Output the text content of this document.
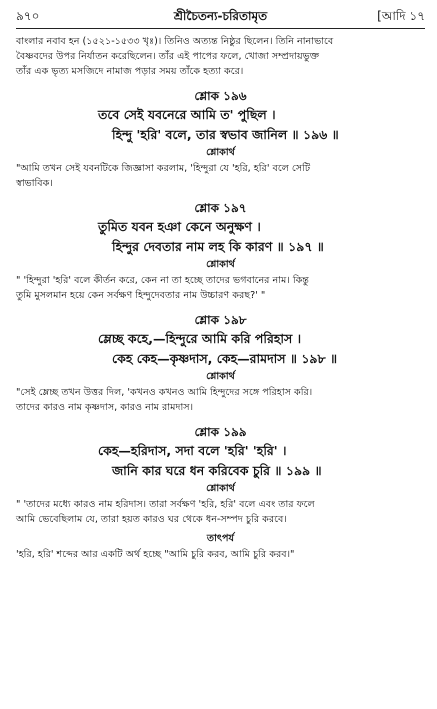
৯৭০	শ্রীচৈতন্য-চরিতামৃত	[আদি ১৭

বাংলার নবাব হন (১৫২১-১৫৩৩ খৃঃ)। তিনিও অত্যন্ত নিষ্ঠুর ছিলেন। তিনি নানাভাবে

বৈষ্ণবদের উপর নির্যাতন করেছিলেন। তাঁর এই পাপের ফলে, খোজা সম্প্রদায়ভুক্ত

তাঁর এক ভৃত্য মসজিদে নামাজ পড়ার সময় তাঁকে হত্যা করে।

শ্লোক ১৯৬

তবে সেই যবনেরে আমি ত' পুছিল ।

হিন্দু 'হরি' বলে, তার স্বভাব জানিল ॥ ১৯৬ ॥

শ্লোকার্থ

"আমি তখন সেই যবনটিকে জিজ্ঞাসা করলাম, 'হিন্দুরা যে 'হরি, হরি' বলে সেটি

স্বাভাবিক।

শ্লোক ১৯৭

তুমিত যবন হঞা কেনে অনুক্ষণ ।

হিন্দুর দেবতার নাম লহ কি কারণ ॥ ১৯৭ ॥

শ্লোকার্থ

" 'হিন্দুরা 'হরি' বলে কীর্তন করে, কেন না তা হচ্ছে তাদের ভগবানের নাম। কিন্তু

তুমি মুসলমান হয়ে কেন সর্বক্ষণ হিন্দুদেবতার নাম উচ্চারণ করছ?' "

শ্লোক ১৯৮

ম্লেচ্ছ কহে,—হিন্দুরে আমি করি পরিহাস ।

কেহ কেহ—কৃষ্ণদাস, কেহ—রামদাস ॥ ১৯৮ ॥

শ্লোকার্থ

"সেই ম্লেচ্ছ তখন উত্তর দিল, 'কখনও কখনও আমি হিন্দুদের সঙ্গে পরিহাস করি।

তাদের কারও নাম কৃষ্ণদাস, কারও নাম রামদাস।

শ্লোক ১৯৯

কেহ—হরিদাস, সদা বলে 'হরি' 'হরি' ।

জানি কার ঘরে ধন করিবেক চুরি ॥ ১৯৯ ॥

শ্লোকার্থ

" 'তাদের মধ্যে কারও নাম হরিদাস। তারা সর্বক্ষণ 'হরি, হরি' বলে এবং তার ফলে

আমি ভেবেছিলাম যে, তারা হয়ত কারও ঘর থেকে ধন-সম্পদ চুরি করবে।

তাৎপর্য

'হরি, হরি' শব্দের আর একটি অর্থ হচ্ছে "আমি চুরি করব, আমি চুরি করব।"
